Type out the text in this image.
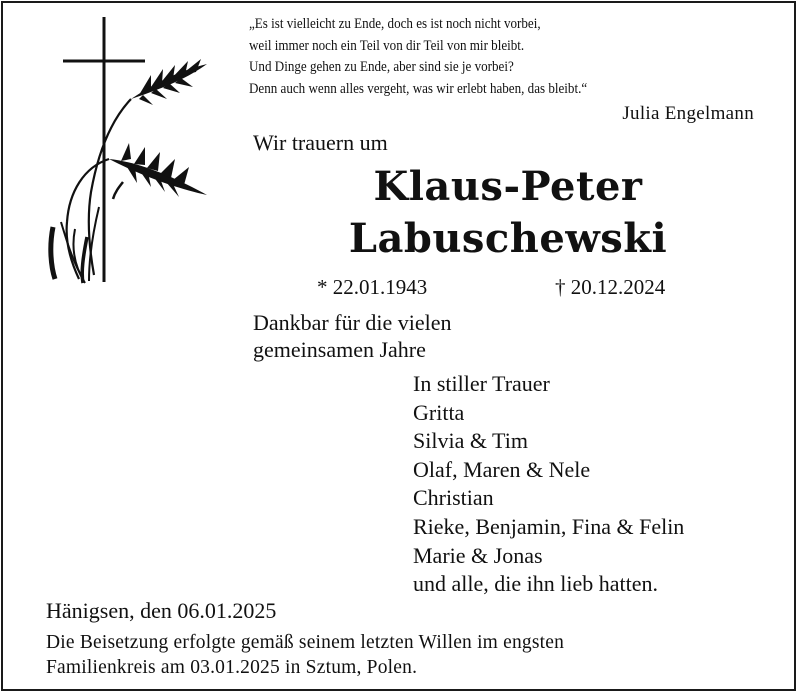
„Es ist vielleicht zu Ende, doch es ist noch nicht vorbei,
weil immer noch ein Teil von dir Teil von mir bleibt.
Und Dinge gehen zu Ende, aber sind sie je vorbei?
Denn auch wenn alles vergeht, was wir erlebt haben, das bleibt.“
Julia Engelmann
Wir trauern um
Klaus-Peter
Labuschewski
* 22.01.1943	† 20.12.2024
Dankbar für die vielen
gemeinsamen Jahre
In stiller Trauer
Gritta
Silvia & Tim
Olaf, Maren & Nele
Christian
Rieke, Benjamin, Fina & Felin
Marie & Jonas
und alle, die ihn lieb hatten.
Hänigsen, den 06.01.2025
Die Beisetzung erfolgte gemäß seinem letzten Willen im engsten
Familienkreis am 03.01.2025 in Sztum, Polen.
